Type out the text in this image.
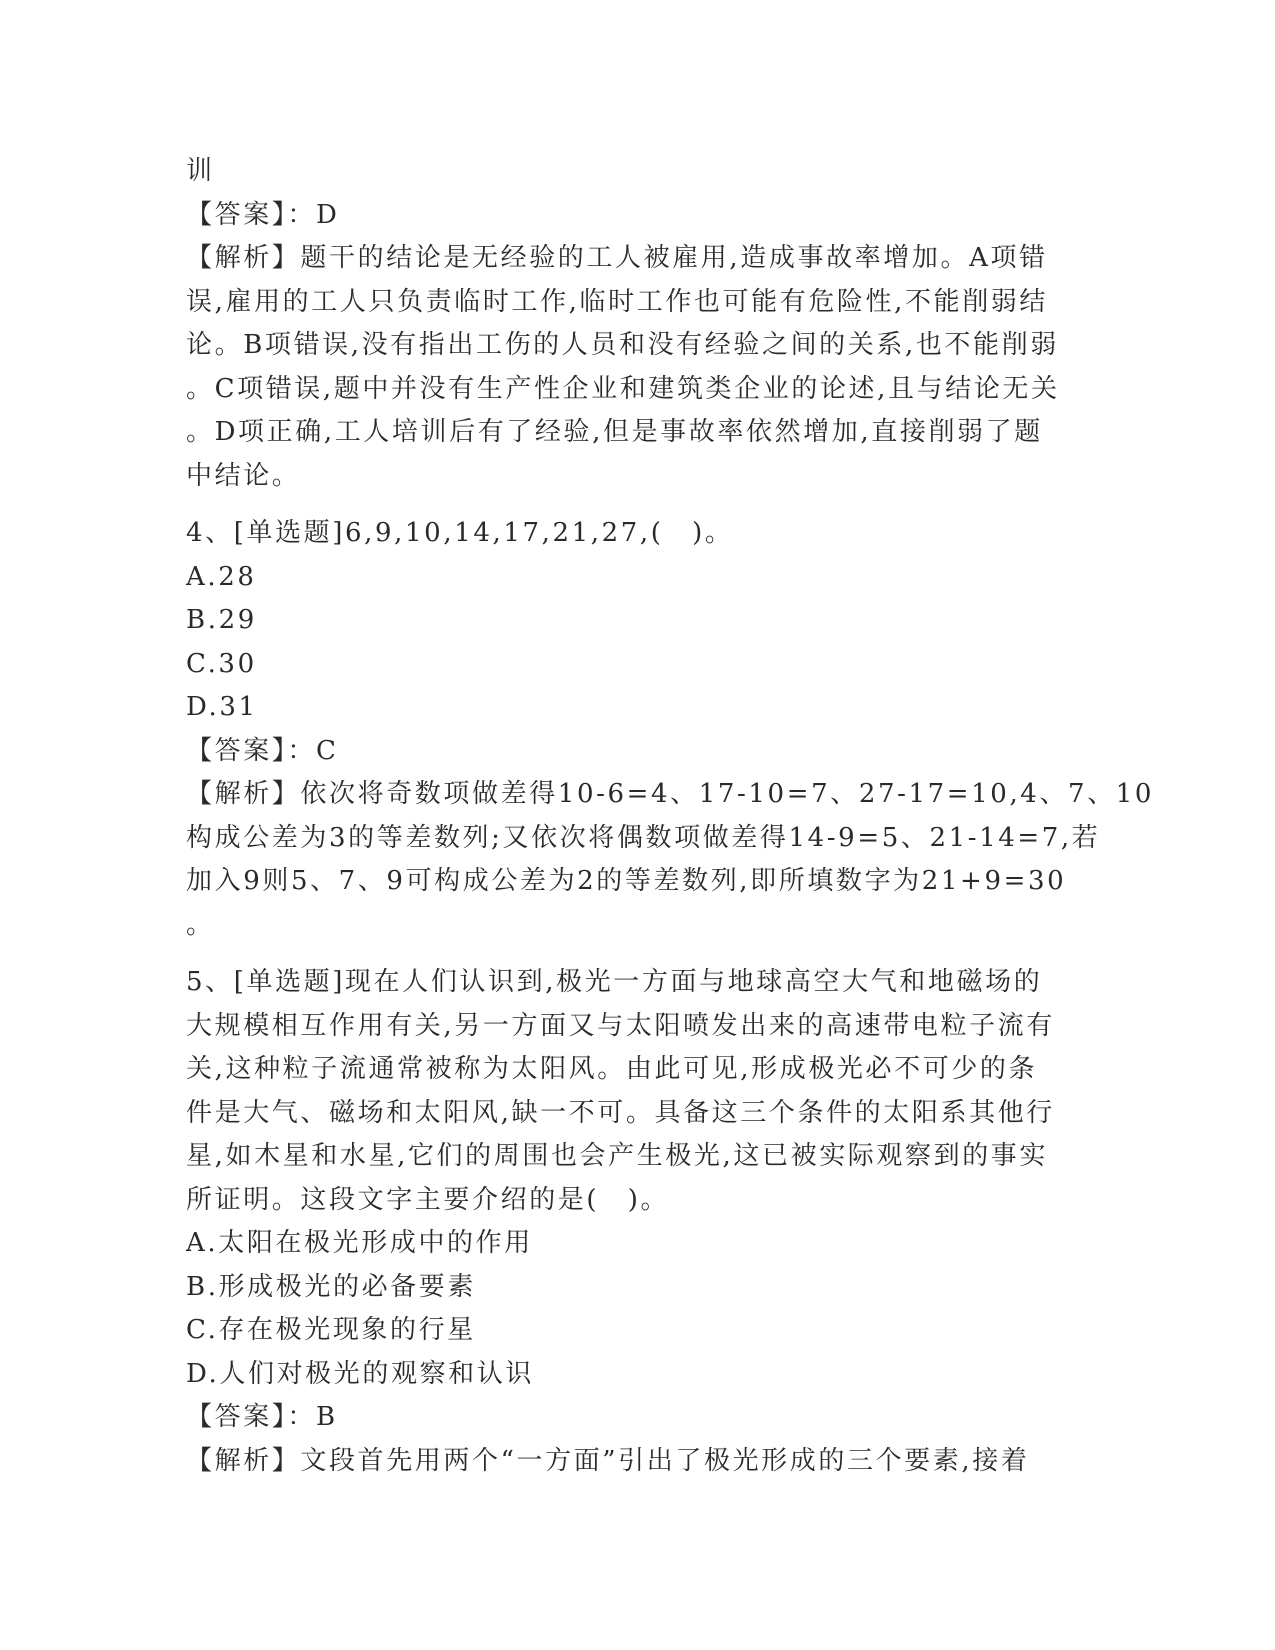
训
【答案】：D
【解析】题干的结论是无经验的工人被雇用,造成事故率增加。A项错
误,雇用的工人只负责临时工作,临时工作也可能有危险性,不能削弱结
论。B项错误,没有指出工伤的人员和没有经验之间的关系,也不能削弱
。C项错误,题中并没有生产性企业和建筑类企业的论述,且与结论无关
。D项正确,工人培训后有了经验,但是事故率依然增加,直接削弱了题
中结论。
4、[单选题]6,9,10,14,17,21,27,(　)。
A.28
B.29
C.30
D.31
【答案】：C
【解析】依次将奇数项做差得10-6=4、17-10=7、27-17=10,4、7、10
构成公差为3的等差数列;又依次将偶数项做差得14-9=5、21-14=7,若
加入9则5、7、9可构成公差为2的等差数列,即所填数字为21+9=30
。
5、[单选题]现在人们认识到,极光一方面与地球高空大气和地磁场的
大规模相互作用有关,另一方面又与太阳喷发出来的高速带电粒子流有
关,这种粒子流通常被称为太阳风。由此可见,形成极光必不可少的条
件是大气、磁场和太阳风,缺一不可。具备这三个条件的太阳系其他行
星,如木星和水星,它们的周围也会产生极光,这已被实际观察到的事实
所证明。这段文字主要介绍的是(　)。
A.太阳在极光形成中的作用
B.形成极光的必备要素
C.存在极光现象的行星
D.人们对极光的观察和认识
【答案】：B
【解析】文段首先用两个“一方面”引出了极光形成的三个要素,接着
